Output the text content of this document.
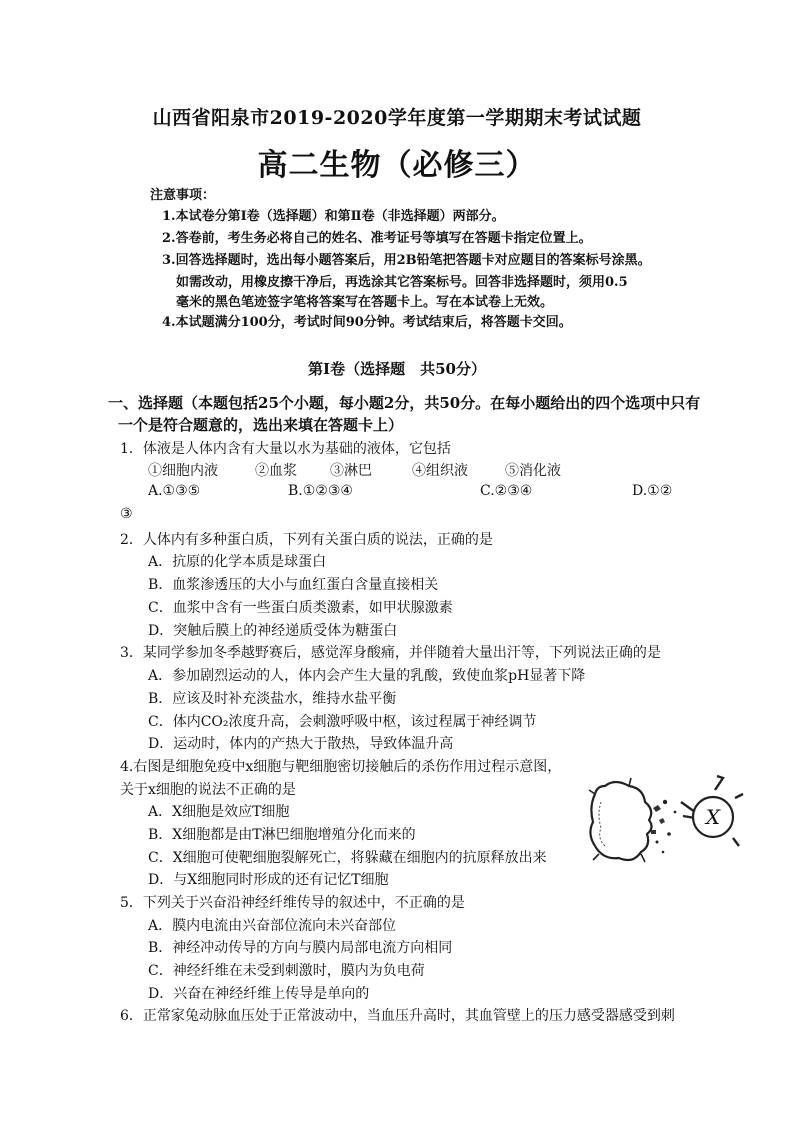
山西省阳泉市2019-2020学年度第一学期期末考试试题
高二生物（必修三）
注意事项：
1.本试卷分第Ⅰ卷（选择题）和第Ⅱ卷（非选择题）两部分。
2.答卷前，考生务必将自己的姓名、准考证号等填写在答题卡指定位置上。
3.回答选择题时，选出每小题答案后，用2B铅笔把答题卡对应题目的答案标号涂黑。
如需改动，用橡皮擦干净后，再选涂其它答案标号。回答非选择题时，须用0.5
毫米的黑色笔迹签字笔将答案写在答题卡上。写在本试卷上无效。
4.本试题满分100分，考试时间90分钟。考试结束后，将答题卡交回。
第Ⅰ卷（选择题　共50分）
一、选择题（本题包括25个小题，每小题2分，共50分。在每小题给出的四个选项中只有
一个是符合题意的，选出来填在答题卡上）
1．体液是人体内含有大量以水为基础的液体，它包括
①细胞内液	②血浆 ③淋巴	④组织液	⑤消化液
A.①③⑤	B.①②③④	C.②③④	D.①②
③
2．人体内有多种蛋白质，下列有关蛋白质的说法，正确的是
A．抗原的化学本质是球蛋白
B．血浆渗透压的大小与血红蛋白含量直接相关
C．血浆中含有一些蛋白质类激素，如甲状腺激素
D．突触后膜上的神经递质受体为糖蛋白
3．某同学参加冬季越野赛后，感觉浑身酸痛，并伴随着大量出汗等，下列说法正确的是
A．参加剧烈运动的人，体内会产生大量的乳酸，致使血浆pH显著下降
B．应该及时补充淡盐水，维持水盐平衡
C．体内CO₂浓度升高，会刺激呼吸中枢，该过程属于神经调节
D．运动时，体内的产热大于散热，导致体温升高
4.右图是细胞免疫中x细胞与靶细胞密切接触后的杀伤作用过程示意图，
关于x细胞的说法不正确的是
A．X细胞是效应T细胞
B．X细胞都是由T淋巴细胞增殖分化而来的
C．X细胞可使靶细胞裂解死亡，将躲藏在细胞内的抗原释放出来
D．与X细胞同时形成的还有记忆T细胞
X
5．下列关于兴奋沿神经纤维传导的叙述中，不正确的是
A．膜内电流由兴奋部位流向未兴奋部位
B．神经冲动传导的方向与膜内局部电流方向相同
C．神经纤维在未受到刺激时，膜内为负电荷
D．兴奋在神经纤维上传导是单向的
6．正常家兔动脉血压处于正常波动中，当血压升高时，其血管壁上的压力感受器感受到刺
